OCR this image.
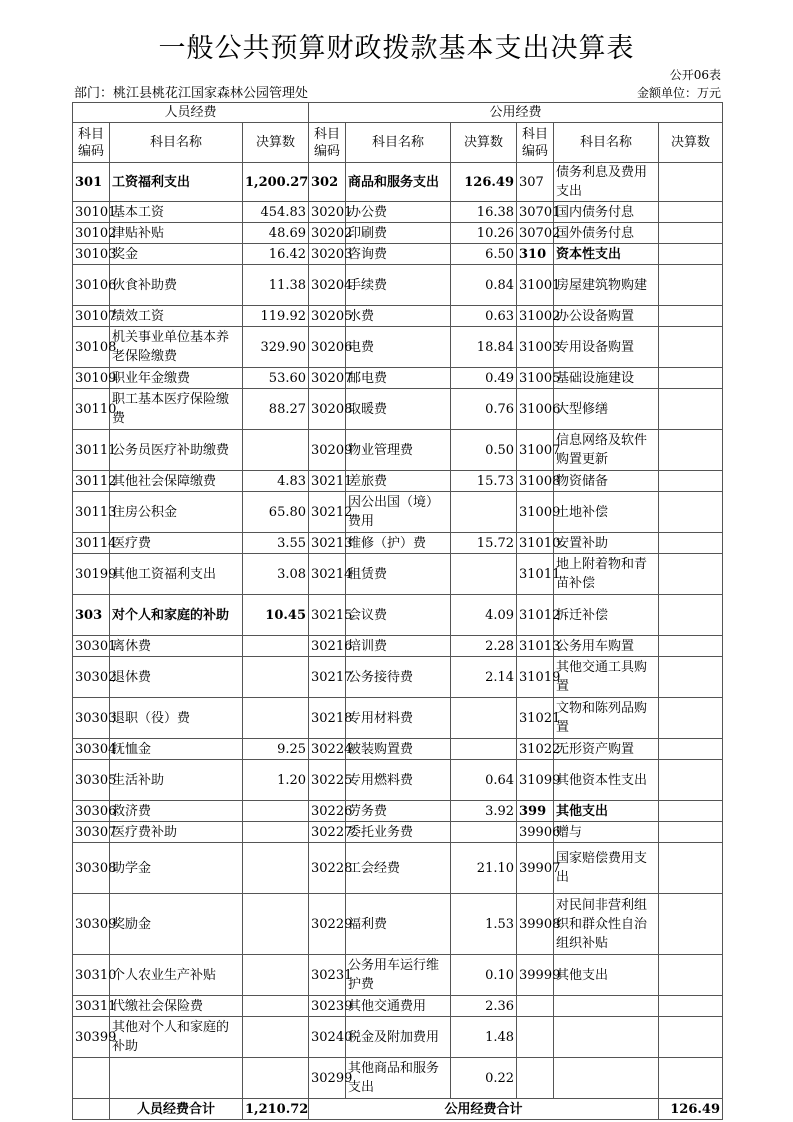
一般公共预算财政拨款基本支出决算表
公开06表
部门：桃江县桃花江国家森林公园管理处	金额单位：万元
人员经费			公用经费					
科目编码	科目名称	决算数	科目编码	科目名称	决算数	科目编码	科目名称	决算数
301	工资福利支出	1,200.27	302	商品和服务支出	126.49	307	债务利息及费用支出	
30101	基本工资	454.83	30201	办公费	16.38	30701	国内债务付息	
30102	津贴补贴	48.69	30202	印刷费	10.26	30702	国外债务付息	
30103	奖金	16.42	30203	咨询费	6.50	310	资本性支出	
30106	伙食补助费	11.38	30204	手续费	0.84	31001	房屋建筑物购建	
30107	绩效工资	119.92	30205	水费	0.63	31002	办公设备购置	
30108	机关事业单位基本养老保险缴费	329.90	30206	电费	18.84	31003	专用设备购置	
30109	职业年金缴费	53.60	30207	邮电费	0.49	31005	基础设施建设	
30110	职工基本医疗保险缴费	88.27	30208	取暖费	0.76	31006	大型修缮	
30111	公务员医疗补助缴费		30209	物业管理费	0.50	31007	信息网络及软件购置更新	
30112	其他社会保障缴费	4.83	30211	差旅费	15.73	31008	物资储备	
30113	住房公积金	65.80	30212	因公出国（境）费用		31009	土地补偿	
30114	医疗费	3.55	30213	维修（护）费	15.72	31010	安置补助	
30199	其他工资福利支出	3.08	30214	租赁费		31011	地上附着物和青苗补偿	
303	对个人和家庭的补助	10.45	30215	会议费	4.09	31012	拆迁补偿	
30301	离休费		30216	培训费	2.28	31013	公务用车购置	
30302	退休费		30217	公务接待费	2.14	31019	其他交通工具购置	
30303	退职（役）费		30218	专用材料费		31021	文物和陈列品购置	
30304	抚恤金	9.25	30224	被装购置费		31022	无形资产购置	
30305	生活补助	1.20	30225	专用燃料费	0.64	31099	其他资本性支出	
30306	救济费		30226	劳务费	3.92	399	其他支出	
30307	医疗费补助		30227	委托业务费		39906	赠与	
30308	助学金		30228	工会经费	21.10	39907	国家赔偿费用支出	
30309	奖励金		30229	福利费	1.53	39908	对民间非营利组织和群众性自治组织补贴	
30310	个人农业生产补贴		30231	公务用车运行维护费	0.10	39999	其他支出	
30311	代缴社会保险费		30239	其他交通费用	2.36			
30399	其他对个人和家庭的补助		30240	税金及附加费用	1.48			
			30299	其他商品和服务支出	0.22			
	人员经费合计	1,210.72	公用经费合计					126.49
